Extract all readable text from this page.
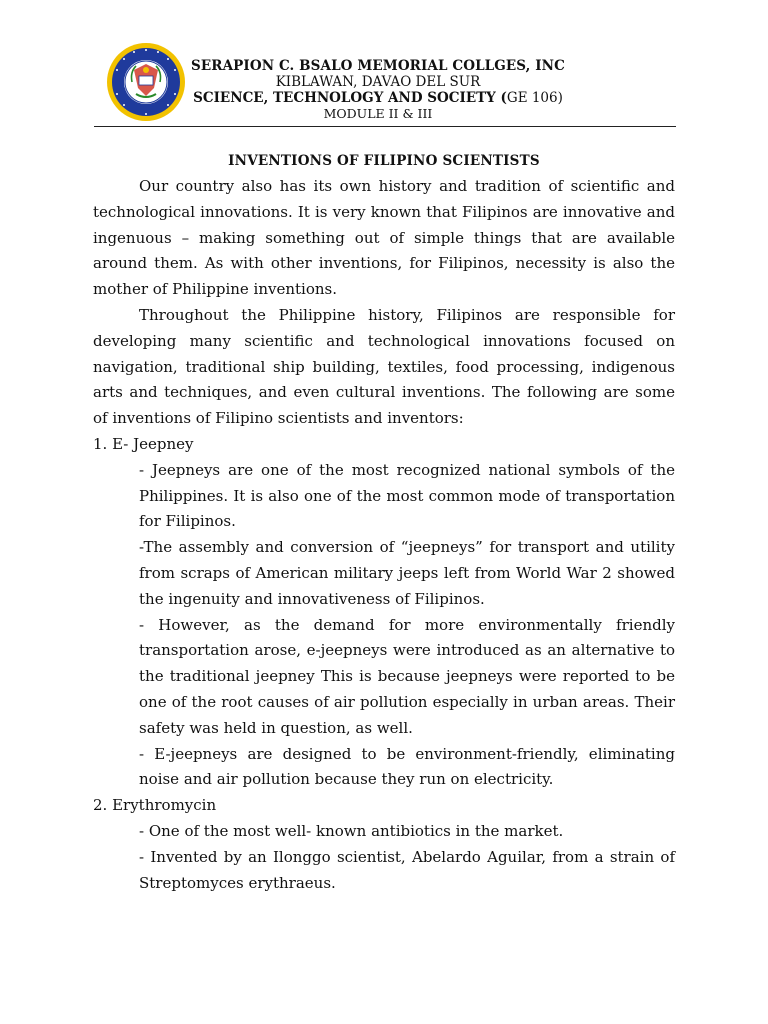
SERAPION C. BSALO MEMORIAL COLLGES, INC
KIBLAWAN, DAVAO DEL SUR
SCIENCE, TECHNOLOGY AND SOCIETY (GE 106)
MODULE II & III
INVENTIONS OF FILIPINO SCIENTISTS

Our country also has its own history and tradition of scientific and technological innovations. It is very known that Filipinos are innovative and ingenuous – making something out of simple things that are available around them. As with other inventions, for Filipinos, necessity is also the mother of Philippine inventions.

Throughout the Philippine history, Filipinos are responsible for developing many scientific and technological innovations focused on navigation, traditional ship building, textiles, food processing, indigenous arts and techniques, and even cultural inventions. The following are some of inventions of Filipino scientists and inventors:

1. E- Jeepney

- Jeepneys are one of the most recognized national symbols of the Philippines. It is also one of the most common mode of transportation for Filipinos.

-The assembly and conversion of “jeepneys” for transport and utility from scraps of American military jeeps left from World War 2 showed the ingenuity and innovativeness of Filipinos.

- However, as the demand for more environmentally friendly transportation arose, e-jeepneys were introduced as an alternative to the traditional jeepney This is because jeepneys were reported to be one of the root causes of air pollution especially in urban areas. Their safety was held in question, as well.

- E-jeepneys are designed to be environment-friendly, eliminating noise and air pollution because they run on electricity.

2. Erythromycin

- One of the most well- known antibiotics in the market.

- Invented by an Ilonggo scientist, Abelardo Aguilar, from a strain of Streptomyces erythraeus.
